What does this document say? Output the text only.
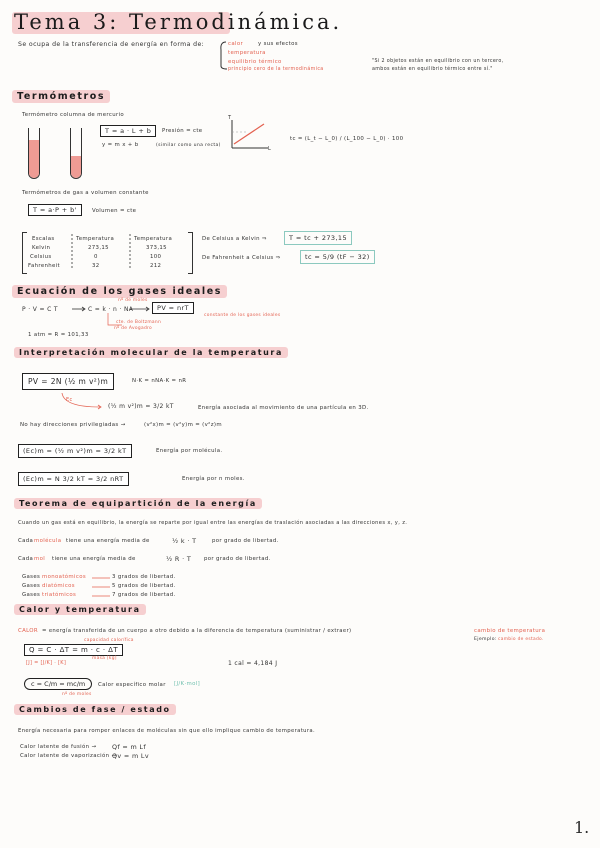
Tema 3: Termodinámica.
Se ocupa de la transferencia de energía en forma de:	calor	y sus efectos
temperatura
equilibrio térmico
principio cero de la termodinámica
"Si 2 objetos están en equilibrio con un tercero,
ambos están en equilibrio térmico entre sí."
Termómetros
Termómetro columna de mercurio
T = a · L + b	Presión = cte
y = m x + b	(similar como una recta)
T
L
tc = (L_t − L_0) / (L_100 − L_0) · 100
Termómetros de gas a volumen constante
T = a·P + b'	Volumen = cte
Escalas	Temperatura	Temperatura
Kelvin	273,15	373,15
Celsius	0	100
Fahrenheit	32	212
De Celsius a Kelvin ⇒	T = tc + 273,15
De Fahrenheit a Celsius ⇒	tc = 5/9 (tF − 32)
Ecuación de los gases ideales
P · V = C T	C = k · n · NA	PV = nrT
nº de moles
cte. de Boltzmann
nº de Avogadro
constante de los gases ideales
1 atm = R = 101,33
Interpretación molecular de la temperatura
PV = 2N (½ m v²)m	N·K = nNA·K = nR
Ec
(½ m v²)m = 3/2 kT	Energía asociada al movimiento de una partícula en 3D.
No hay direcciones privilegiadas →	(v²x)m = (v²y)m = (v²z)m
(Ec)m = (½ m v²)m = 3/2 kT	Energía por molécula.
(Ec)m = N 3/2 kT = 3/2 nRT	Energía por n moles.
Teorema de equipartición de la energía
Cuando un gas está en equilibrio, la energía se reparte por igual entre las energías de traslación asociadas a las direcciones x, y, z.
Cada molécula tiene una energía media de	½ k · T	por grado de libertad.
Cada mol tiene una energía media de	½ R · T por grado de libertad.
Gases monoatómicos	3 grados de libertad.
Gases diatómicos	5 grados de libertad.
Gases triatómicos	7 grados de libertad.
Calor y temperatura
CALOR = energía transferida de un cuerpo a otro debido a la diferencia de temperatura (suministrar / extraer)	cambio de temperatura
Ejemplo: cambio de estado.
capacidad calorífica
Q = C · ΔT = m · c · ΔT
[J] = [J/K] · [K]
masa [kg]
1 cal = 4,184 J
c = C/m = mc/m	Calor específico molar [J/K·mol]
nº de moles
Cambios de fase / estado
Energía necesaria para romper enlaces de moléculas sin que ello implique cambio de temperatura.
Calor latente de fusión → Qf = m Lf
Calor latente de vaporización →
Qv = m Lv
1.
